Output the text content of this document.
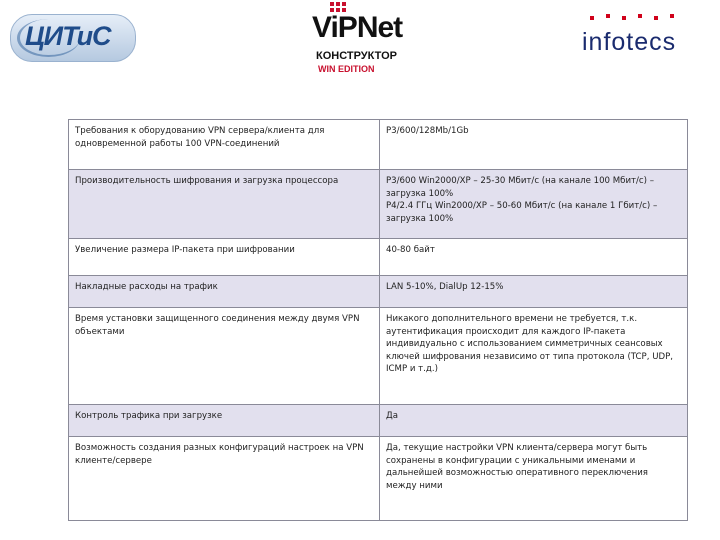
ЦИТиС	ViPNet
КОНСТРУКТОР
WIN EDITION
infotecs
Требования к оборудованию VPN сервера/клиента для одновременной работы 100 VPN-соединений	P3/600/128Mb/1Gb
Производительность шифрования и загрузка процессора	P3/600 Win2000/XP – 25-30 Мбит/с (на канале 100 Мбит/с) – загрузка 100%
P4/2.4 ГГц Win2000/XP – 50-60 Мбит/с (на канале 1 Гбит/с) – загрузка 100%
Увеличение размера IP-пакета при шифровании	40-80 байт
Накладные расходы на трафик	LAN 5-10%, DialUp 12-15%
Время установки защищенного соединения между двумя VPN объектами	Никакого дополнительного времени не требуется, т.к. аутентификация происходит для каждого IP-пакета индивидуально с использованием симметричных сеансовых ключей шифрования независимо от типа протокола (TCP, UDP, ICMP и т.д.)
Контроль трафика при загрузке	Да
Возможность создания разных конфигураций настроек на VPN клиенте/сервере	Да, текущие настройки VPN клиента/сервера могут быть сохранены в конфигурации с уникальными именами и дальнейшей возможностью оперативного переключения между ними
